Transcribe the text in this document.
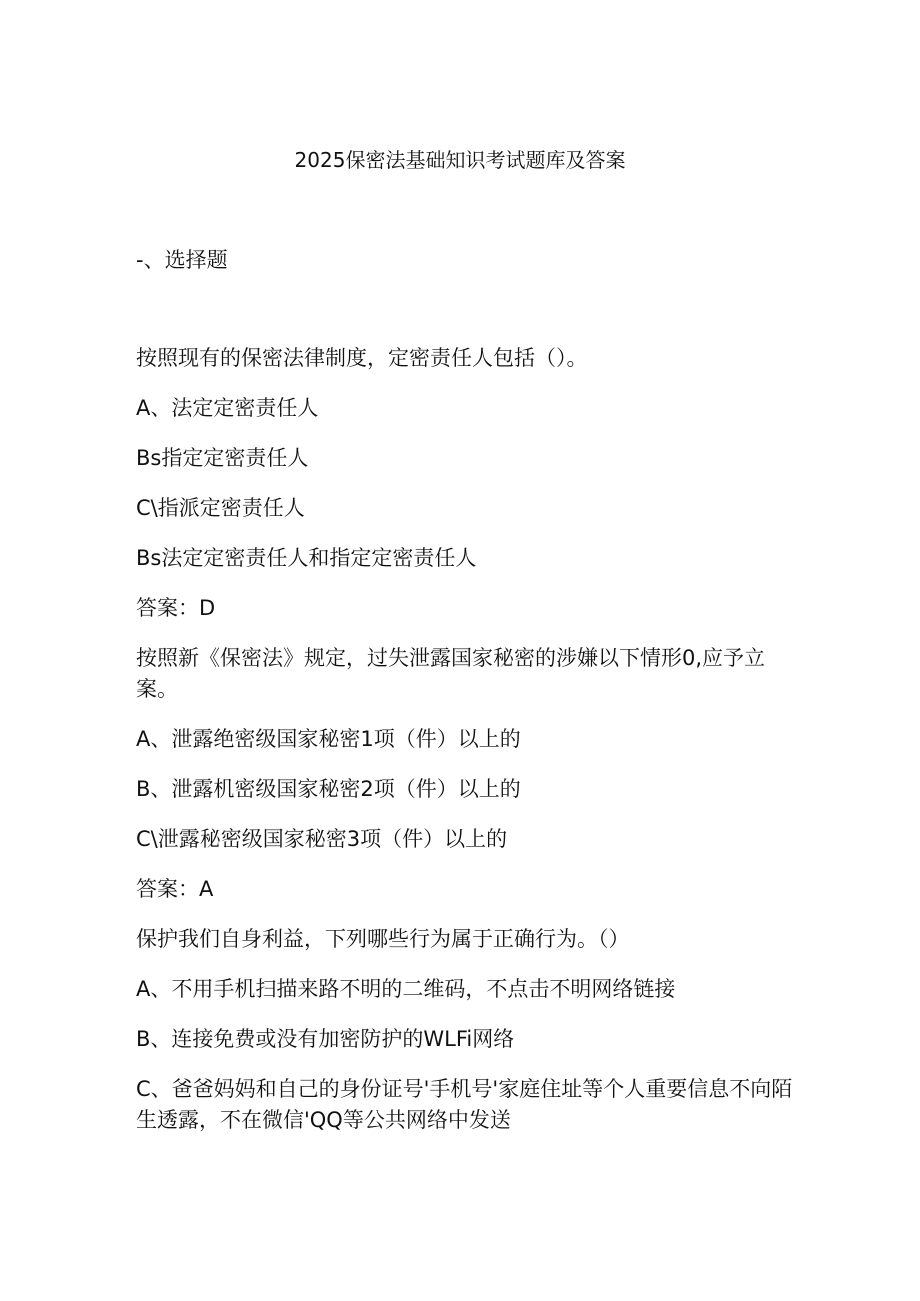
2025保密法基础知识考试题库及答案
-、选择题

按照现有的保密法律制度，定密责任人包括（）。

A、法定定密责任人

Bs指定定密责任人

C\指派定密责任人

Bs法定定密责任人和指定定密责任人

答案：D

按照新《保密法》规定，过失泄露国家秘密的涉嫌以下情形0,应予立案。

A、泄露绝密级国家秘密1项（件）以上的

B、泄露机密级国家秘密2项（件）以上的

C\泄露秘密级国家秘密3项（件）以上的

答案：A

保护我们自身利益，下列哪些行为属于正确行为。（）

A、不用手机扫描来路不明的二维码，不点击不明网络链接

B、连接免费或没有加密防护的WLFi网络

C、爸爸妈妈和自己的身份证号'手机号'家庭住址等个人重要信息不向陌生透露，不在微信'QQ等公共网络中发送
